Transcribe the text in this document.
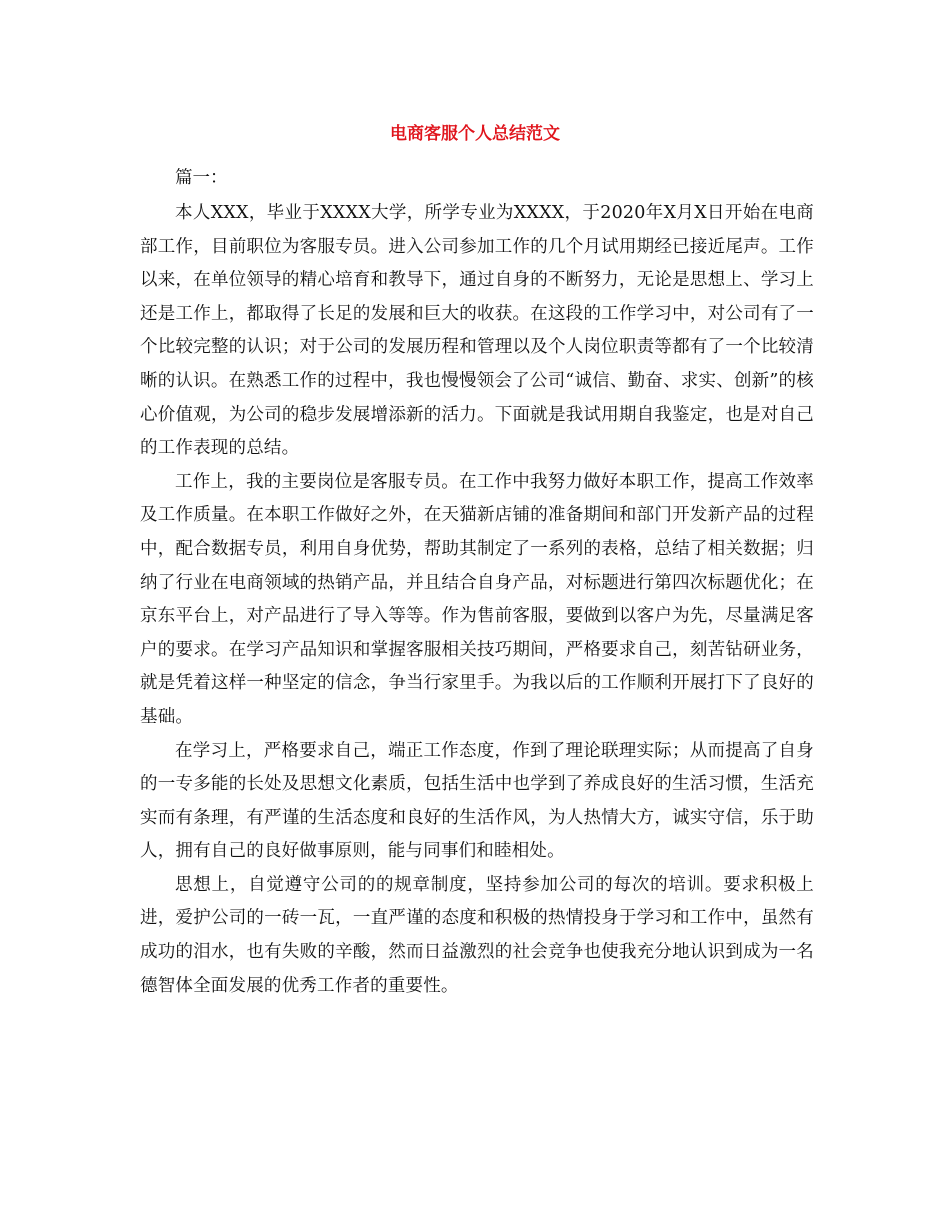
电商客服个人总结范文

篇一：

本人XXX，毕业于XXXX大学，所学专业为XXXX，于2020年X月X日开始在电商部工作，目前职位为客服专员。进入公司参加工作的几个月试用期经已接近尾声。工作以来，在单位领导的精心培育和教导下，通过自身的不断努力，无论是思想上、学习上还是工作上，都取得了长足的发展和巨大的收获。在这段的工作学习中，对公司有了一个比较完整的认识；对于公司的发展历程和管理以及个人岗位职责等都有了一个比较清晰的认识。在熟悉工作的过程中，我也慢慢领会了公司“诚信、勤奋、求实、创新”的核心价值观，为公司的稳步发展增添新的活力。下面就是我试用期自我鉴定，也是对自己的工作表现的总结。

工作上，我的主要岗位是客服专员。在工作中我努力做好本职工作，提高工作效率及工作质量。在本职工作做好之外，在天猫新店铺的准备期间和部门开发新产品的过程中，配合数据专员，利用自身优势，帮助其制定了一系列的表格，总结了相关数据；归纳了行业在电商领域的热销产品，并且结合自身产品，对标题进行第四次标题优化；在京东平台上，对产品进行了导入等等。作为售前客服，要做到以客户为先，尽量满足客户的要求。在学习产品知识和掌握客服相关技巧期间，严格要求自己，刻苦钻研业务，就是凭着这样一种坚定的信念，争当行家里手。为我以后的工作顺利开展打下了良好的基础。

在学习上，严格要求自己，端正工作态度，作到了理论联理实际；从而提高了自身的一专多能的长处及思想文化素质，包括生活中也学到了养成良好的生活习惯，生活充实而有条理，有严谨的生活态度和良好的生活作风，为人热情大方，诚实守信，乐于助人，拥有自己的良好做事原则，能与同事们和睦相处。

思想上，自觉遵守公司的的规章制度，坚持参加公司的每次的培训。要求积极上进，爱护公司的一砖一瓦，一直严谨的态度和积极的热情投身于学习和工作中，虽然有成功的泪水，也有失败的辛酸，然而日益激烈的社会竞争也使我充分地认识到成为一名德智体全面发展的优秀工作者的重要性。
